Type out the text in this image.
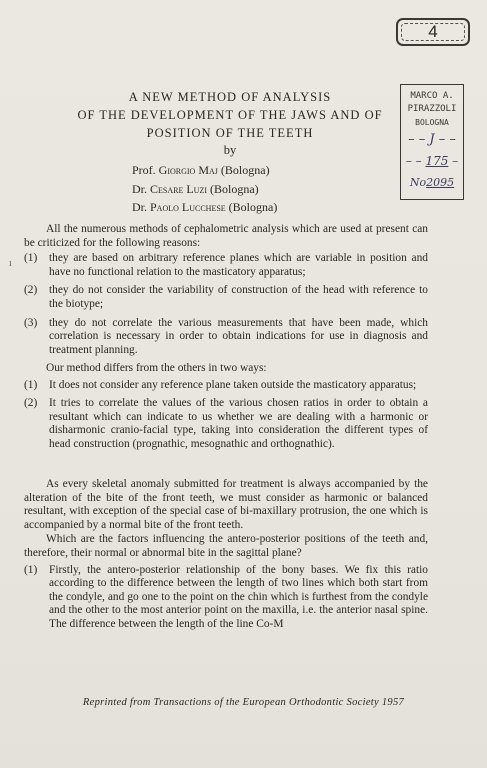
4
MARCO A.
PIRAZZOLI
BOLOGNA
– – J – –
– – 175 –
No2095
A NEW METHOD OF ANALYSIS
OF THE DEVELOPMENT OF THE JAWS AND OF
POSITION OF THE TEETH
by
Prof. Giorgio Maj (Bologna)
Dr. Cesare Luzi (Bologna)
Dr. Paolo Lucchese (Bologna)
ı

All the numerous methods of cephalometric analysis which are used at present can be criticized for the following reasons:

(1) they are based on arbitrary reference planes which are variable in position and have no functional relation to the masticatory apparatus;

(2) they do not consider the variability of construction of the head with reference to the biotype;

(3) they do not correlate the various measurements that have been made, which correlation is necessary in order to obtain indications for use in diagnosis and treatment planning.

Our method differs from the others in two ways:

(1) It does not consider any reference plane taken outside the masticatory apparatus;

(2) It tries to correlate the values of the various chosen ratios in order to obtain a resultant which can indicate to us whether we are dealing with a harmonic or disharmonic cranio-facial type, taking into consideration the different types of head construction (prognathic, mesognathic and orthognathic).

As every skeletal anomaly submitted for treatment is always accompanied by the alteration of the bite of the front teeth, we must consider as harmonic or balanced resultant, with exception of the special case of bi-maxillary protrusion, the one which is accompanied by a normal bite of the front teeth.

Which are the factors influencing the antero-posterior positions of the teeth and, therefore, their normal or abnormal bite in the sagittal plane?

(1) Firstly, the antero-posterior relationship of the bony bases. We fix this ratio according to the difference between the length of two lines which both start from the condyle, and go one to the point on the chin which is furthest from the condyle and the other to the most anterior point on the maxilla, i.e. the anterior nasal spine. The difference between the length of the line Co-M

Reprinted from Transactions of the European Orthodontic Society 1957
